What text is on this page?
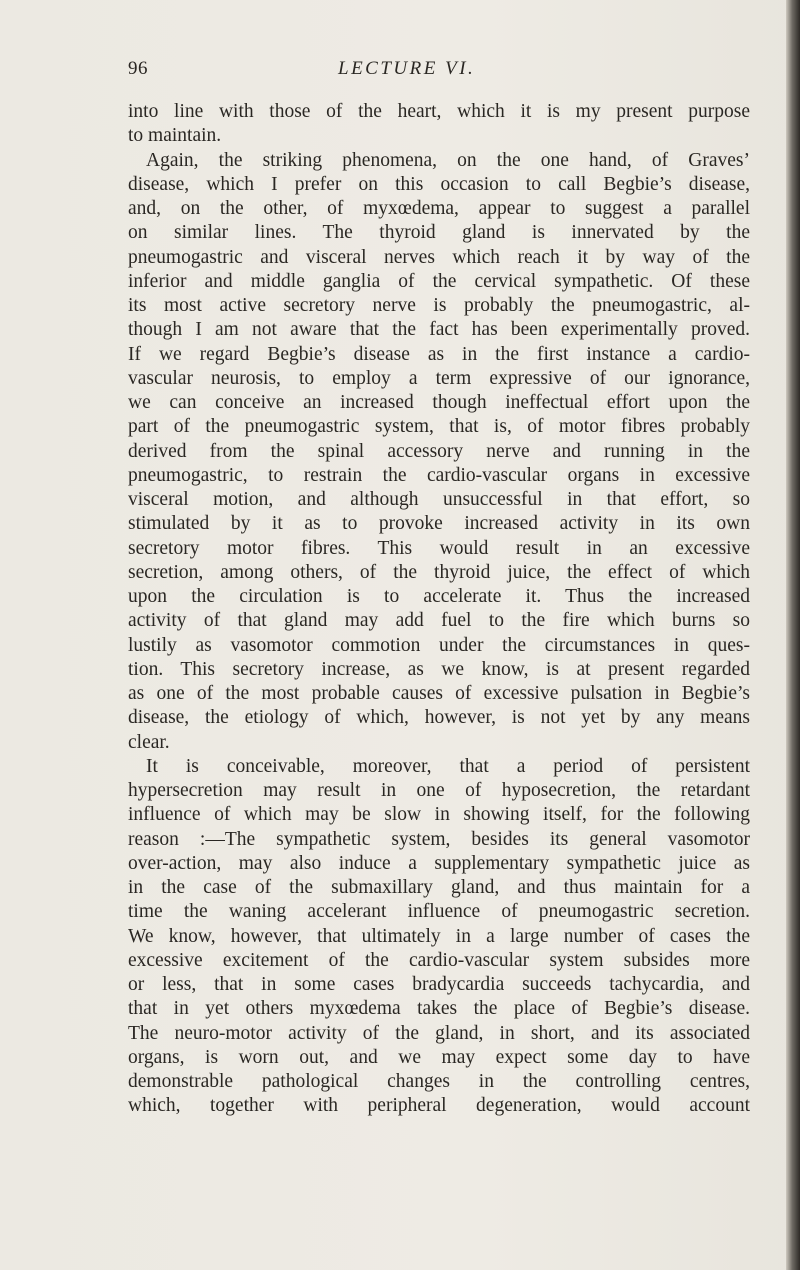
96	LECTURE VI.
into line with those of the heart, which it is my present purpose
to maintain.
Again, the striking phenomena, on the one hand, of Graves’
disease, which I prefer on this occasion to call Begbie’s disease,
and, on the other, of myxœdema, appear to suggest a parallel
on similar lines. The thyroid gland is innervated by the
pneumogastric and visceral nerves which reach it by way of the
inferior and middle ganglia of the cervical sympathetic. Of these
its most active secretory nerve is probably the pneumogastric, al-
though I am not aware that the fact has been experimentally proved.
If we regard Begbie’s disease as in the first instance a cardio-
vascular neurosis, to employ a term expressive of our ignorance,
we can conceive an increased though ineffectual effort upon the
part of the pneumogastric system, that is, of motor fibres probably
derived from the spinal accessory nerve and running in the
pneumogastric, to restrain the cardio-vascular organs in excessive
visceral motion, and although unsuccessful in that effort, so
stimulated by it as to provoke increased activity in its own
secretory motor fibres. This would result in an excessive
secretion, among others, of the thyroid juice, the effect of which
upon the circulation is to accelerate it. Thus the increased
activity of that gland may add fuel to the fire which burns so
lustily as vasomotor commotion under the circumstances in ques-
tion. This secretory increase, as we know, is at present regarded
as one of the most probable causes of excessive pulsation in Begbie’s
disease, the etiology of which, however, is not yet by any means
clear.
It is conceivable, moreover, that a period of persistent
hypersecretion may result in one of hyposecretion, the retardant
influence of which may be slow in showing itself, for the following
reason :—The sympathetic system, besides its general vasomotor
over-action, may also induce a supplementary sympathetic juice as
in the case of the submaxillary gland, and thus maintain for a
time the waning accelerant influence of pneumogastric secretion.
We know, however, that ultimately in a large number of cases the
excessive excitement of the cardio-vascular system subsides more
or less, that in some cases bradycardia succeeds tachycardia, and
that in yet others myxœdema takes the place of Begbie’s disease.
The neuro-motor activity of the gland, in short, and its associated
organs, is worn out, and we may expect some day to have
demonstrable pathological changes in the controlling centres,
which, together with peripheral degeneration, would account
